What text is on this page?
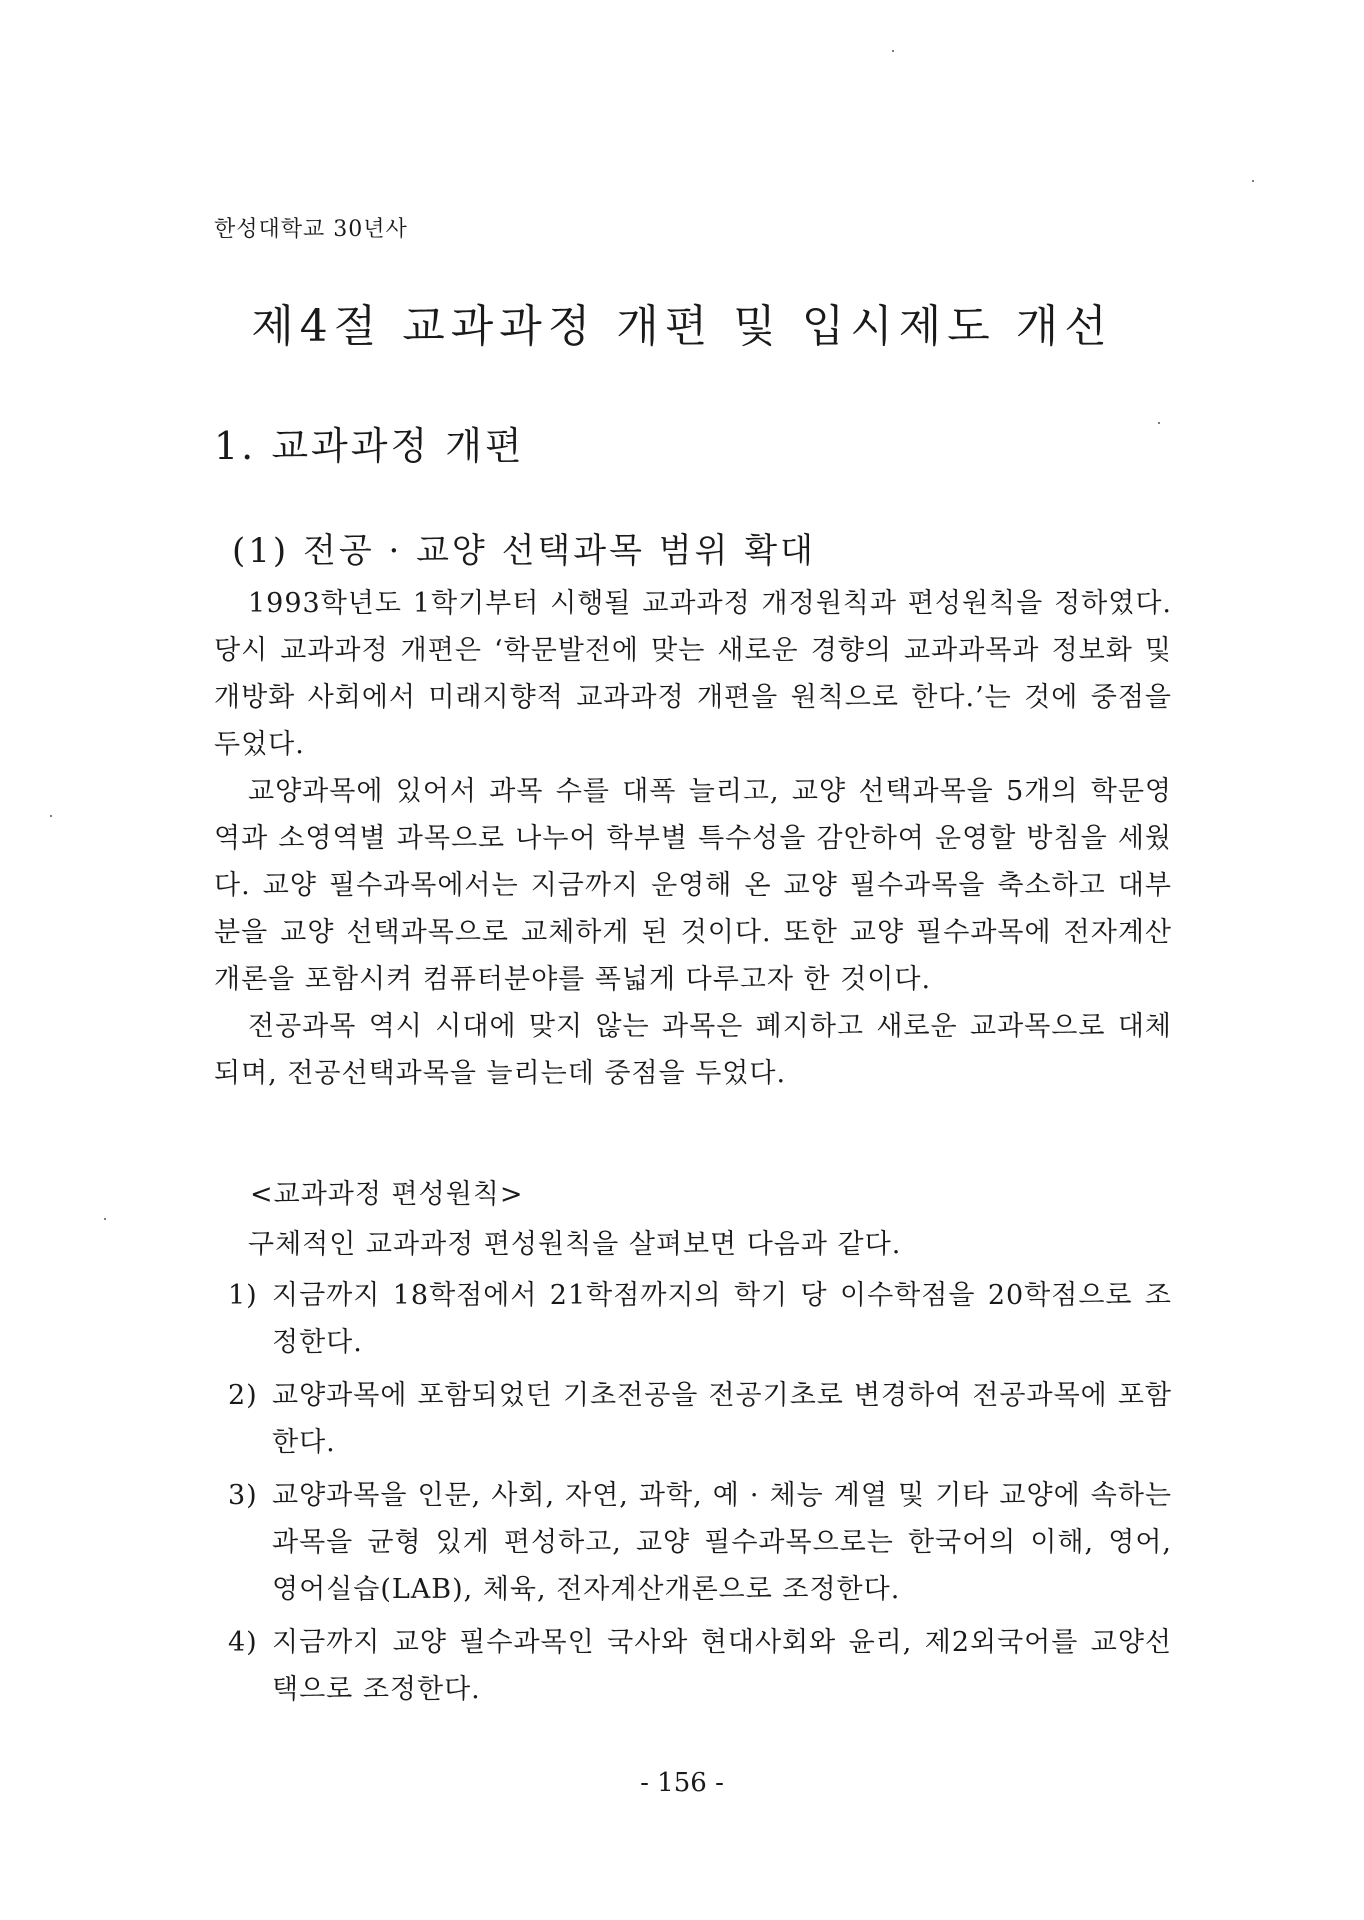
한성대학교 30년사
제4절 교과과정 개편 및 입시제도 개선
1. 교과과정 개편
(1) 전공 · 교양 선택과목 범위 확대

1993학년도 1학기부터 시행될 교과과정 개정원칙과 편성원칙을 정하였다. 당시 교과과정 개편은 ‘학문발전에 맞는 새로운 경향의 교과과목과 정보화 및 개방화 사회에서 미래지향적 교과과정 개편을 원칙으로 한다.’는 것에 중점을 두었다.

교양과목에 있어서 과목 수를 대폭 늘리고, 교양 선택과목을 5개의 학문영역과 소영역별 과목으로 나누어 학부별 특수성을 감안하여 운영할 방침을 세웠다. 교양 필수과목에서는 지금까지 운영해 온 교양 필수과목을 축소하고 대부분을 교양 선택과목으로 교체하게 된 것이다. 또한 교양 필수과목에 전자계산개론을 포함시켜 컴퓨터분야를 폭넓게 다루고자 한 것이다.

전공과목 역시 시대에 맞지 않는 과목은 폐지하고 새로운 교과목으로 대체되며, 전공선택과목을 늘리는데 중점을 두었다.

<교과과정 편성원칙>
구체적인 교과과정 편성원칙을 살펴보면 다음과 같다.
1) 지금까지 18학점에서 21학점까지의 학기 당 이수학점을 20학점으로 조정한다.
2) 교양과목에 포함되었던 기초전공을 전공기초로 변경하여 전공과목에 포함한다.
3) 교양과목을 인문, 사회, 자연, 과학, 예 · 체능 계열 및 기타 교양에 속하는 과목을 균형 있게 편성하고, 교양 필수과목으로는 한국어의 이해, 영어, 영어실습(LAB), 체육, 전자계산개론으로 조정한다.
4) 지금까지 교양 필수과목인 국사와 현대사회와 윤리, 제2외국어를 교양선택으로 조정한다.
- 156 -
